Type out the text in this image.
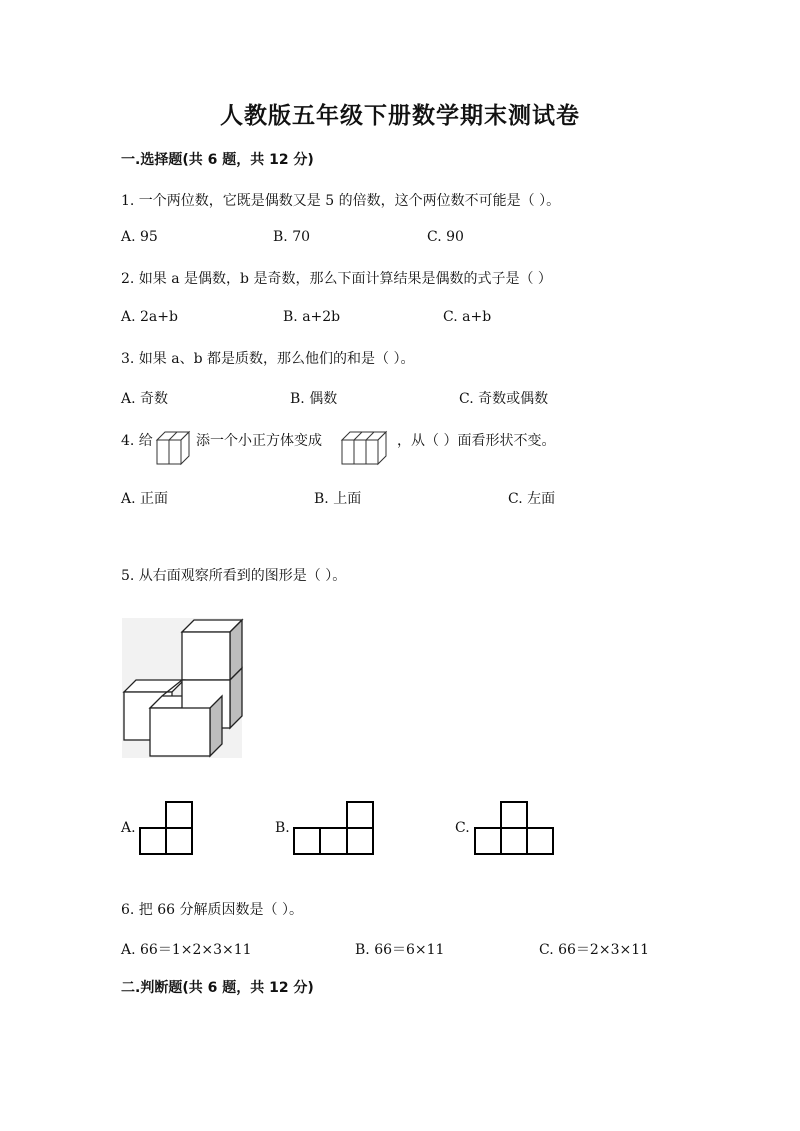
人教版五年级下册数学期末测试卷
一.选择题(共 6 题，共 12 分)
1. 一个两位数，它既是偶数又是 5 的倍数，这个两位数不可能是（ ）。
A. 95	B. 70	C. 90
2. 如果 a 是偶数，b 是奇数，那么下面计算结果是偶数的式子是（ ）
A. 2a+b	B. a+2b	C. a+b
3. 如果 a、b 都是质数，那么他们的和是（ ）。
A. 奇数	B. 偶数	C. 奇数或偶数
4. 给	添一个小正方体变成	，从（ ）面看形状不变。
A. 正面	B. 上面	C. 左面
5. 从右面观察所看到的图形是（ ）。
A.	B.	C.
6. 把 66 分解质因数是（ ）。
A. 66＝1×2×3×11	B. 66＝6×11	C. 66＝2×3×11
二.判断题(共 6 题，共 12 分)
